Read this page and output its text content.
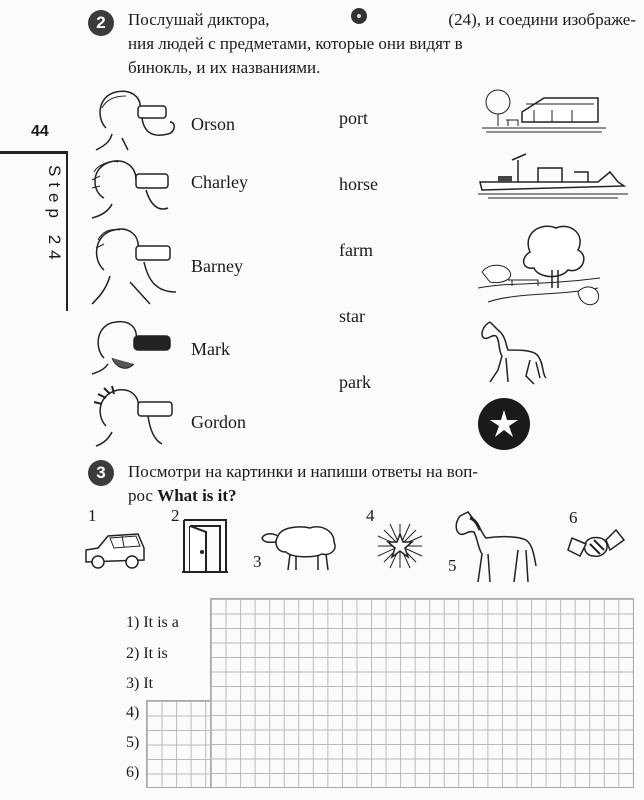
44
Step 24
2	Послушай диктора,	(24), и соедини изображе-
ния людей с предметами, которые они видят в
бинокль, и их названиями.
Orson
Charley
Barney
Mark
Gordon
port
horse
farm
star
park
3	Посмотри на картинки и напиши ответы на воп-
рос What is it?
1	2
3
4
5
6
1) It is a
2) It is
3) It
4)
5)
6)
